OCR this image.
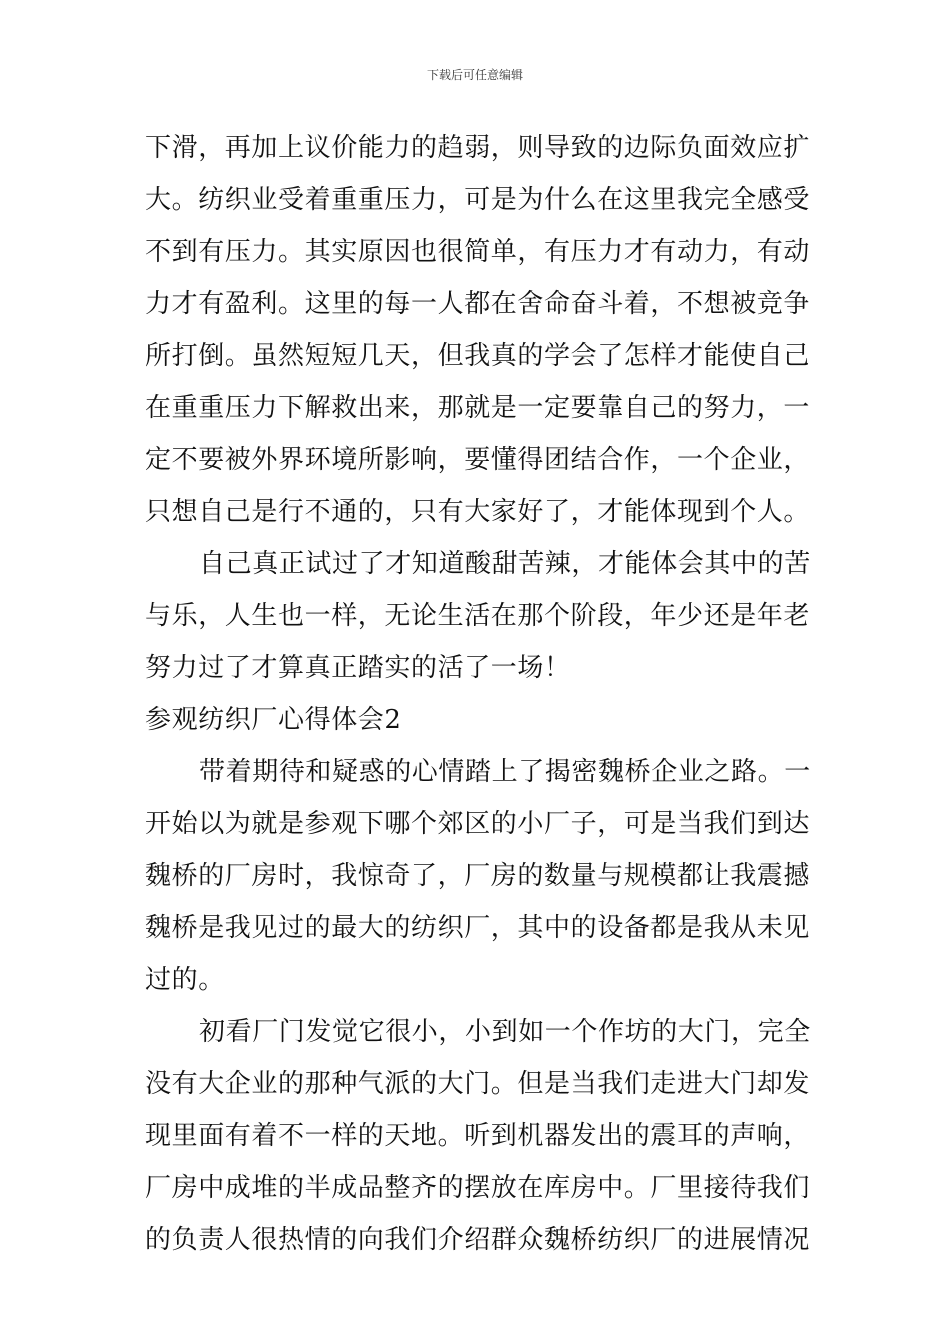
下载后可任意编辑
下滑，再加上议价能力的趋弱，则导致的边际负面效应扩
大。纺织业受着重重压力，可是为什么在这里我完全感受
不到有压力。其实原因也很简单，有压力才有动力，有动
力才有盈利。这里的每一人都在舍命奋斗着，不想被竞争
所打倒。虽然短短几天，但我真的学会了怎样才能使自己
在重重压力下解救出来，那就是一定要靠自己的努力，一
定不要被外界环境所影响，要懂得团结合作，一个企业，
只想自己是行不通的，只有大家好了，才能体现到个人。
自己真正试过了才知道酸甜苦辣，才能体会其中的苦
与乐，人生也一样，无论生活在那个阶段，年少还是年老
努力过了才算真正踏实的活了一场！
参观纺织厂心得体会2
带着期待和疑惑的心情踏上了揭密魏桥企业之路。一
开始以为就是参观下哪个郊区的小厂子，可是当我们到达
魏桥的厂房时，我惊奇了，厂房的数量与规模都让我震撼
魏桥是我见过的最大的纺织厂，其中的设备都是我从未见
过的。
初看厂门发觉它很小，小到如一个作坊的大门，完全
没有大企业的那种气派的大门。但是当我们走进大门却发
现里面有着不一样的天地。听到机器发出的震耳的声响，
厂房中成堆的半成品整齐的摆放在库房中。厂里接待我们
的负责人很热情的向我们介绍群众魏桥纺织厂的进展情况
